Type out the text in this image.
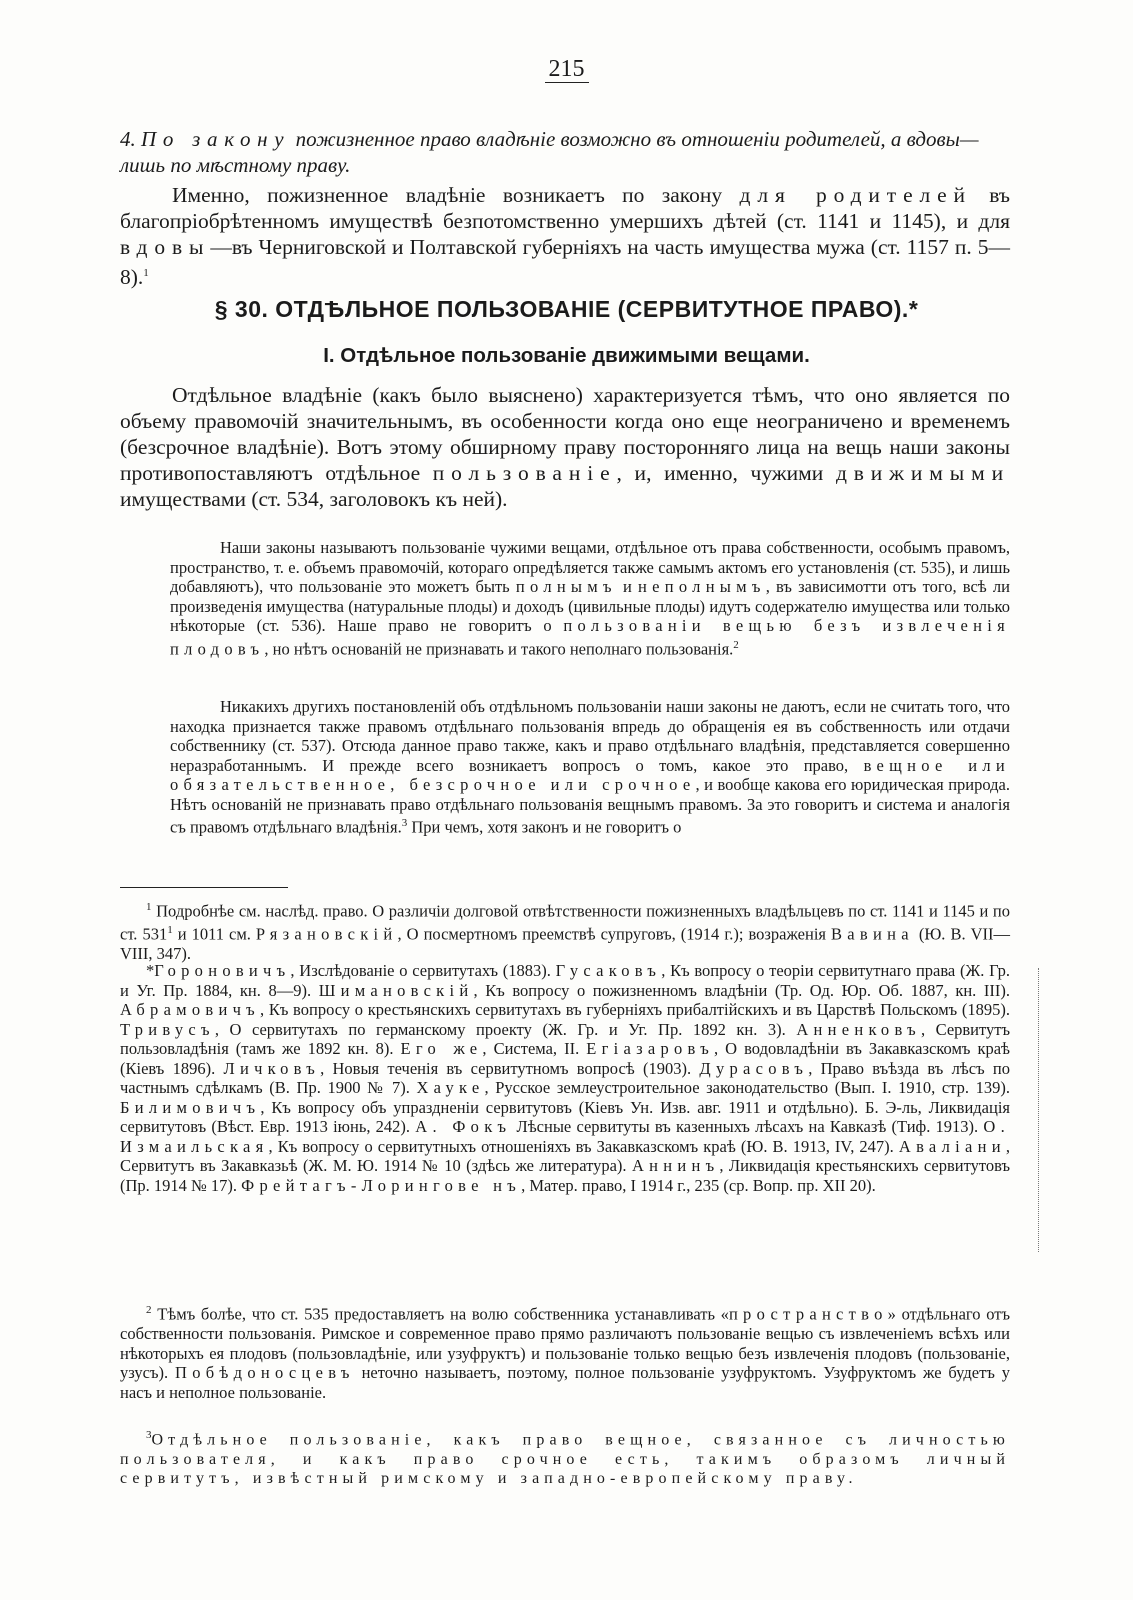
215
4. По закону пожизненное право владѣніе возможно въ отношеніи родителей, а вдовы—лишь по мѣстному праву.
Именно, пожизненное владѣніе возникаетъ по закону для родителей въ благопріобрѣтенномъ имуществѣ безпотомственно умершихъ дѣтей (ст. 1141 и 1145), и для вдовы—въ Черниговской и Полтавской губерніяхъ на часть имущества мужа (ст. 1157 п. 5—8).$^1$
§ 30. ОТДѢЛЬНОЕ ПОЛЬЗОВАНІЕ (СЕРВИТУТНОЕ ПРАВО).*
I. Отдѣльное пользованіе движимыми вещами.
Отдѣльное владѣніе (какъ было выяснено) характеризуется тѣмъ, что оно является по объему правомочій значительнымъ, въ особенности когда оно еще неограничено и временемъ (безсрочное владѣніе). Вотъ этому обширному праву посторонняго лица на вещь наши законы противопоставляютъ отдѣльное пользованіе, и, именно, чужими движимыми имуществами (ст. 534, заголовокъ къ ней).
Наши законы называютъ пользованіе чужими вещами, отдѣльное отъ права собственности, особымъ правомъ, пространство, т. е. объемъ правомочій, котораго опредѣляется также самымъ актомъ его установленія (ст. 535), и лишь добавляютъ), что пользованіе это можетъ быть полнымъ и неполнымъ, въ зависимотти отъ того, всѣ ли произведенія имущества (натуральные плоды) и доходъ (цивильные плоды) идутъ содержателю имущества или только нѣкоторые (ст. 536). Наше право не говоритъ о пользованіи вещью безъ извлеченія плодовъ, но нѣтъ основаній не признавать и такого неполнаго пользованія.$^2$
Никакихъ другихъ постановленій объ отдѣльномъ пользованіи наши законы не даютъ, если не считать того, что находка признается также правомъ отдѣльнаго пользованія впредь до обращенія ея въ собственность или отдачи собственнику (ст. 537). Отсюда данное право также, какъ и право отдѣльнаго владѣнія, представляется совершенно неразработаннымъ. И прежде всего возникаетъ вопросъ о томъ, какое это право, вещное или обязательственное, безсрочное или срочное, и вообще какова его юридическая природа. Нѣтъ основаній не признавать право отдѣльнаго пользованія вещнымъ правомъ. За это говоритъ и система и аналогія съ правомъ отдѣльнаго владѣнія.$^3$ При чемъ, хотя законъ и не говоритъ о
$^1$ Подробнѣе см. наслѣд. право. О различіи долговой отвѣтственности пожизненныхъ владѣльцевъ по ст. 1141 и 1145 и по ст. $531^1$ и 1011 см. Рязановскій, О посмертномъ преемствѣ супруговъ, (1914 г.); возраженія Вавина (Ю. В. VII—VIII, 347).
*Гороновичъ, Изслѣдованіе о сервитутахъ (1883). Гусаковъ, Къ вопросу о теоріи сервитутнаго права (Ж. Гр. и Уг. Пр. 1884, кн. 8—9). Шимановскій, Къ вопросу о пожизненномъ владѣніи (Тр. Од. Юр. Об. 1887, кн. III). Абрамовичъ, Къ вопросу о крестьянскихъ сервитутахъ въ губерніяхъ прибалтійскихъ и въ Царствѣ Польскомъ (1895). Тривусъ, О сервитутахъ по германскому проекту (Ж. Гр. и Уг. Пр. 1892 кн. 3). Анненковъ, Сервитутъ пользовладѣнія (тамъ же 1892 кн. 8). Его же, Система, II. Егіазаровъ, О водовладѣніи въ Закавказскомъ краѣ (Кіевъ 1896). Личковъ, Новыя теченія въ сервитутномъ вопросѣ (1903). Дурасовъ, Право въѣзда въ лѣсъ по частнымъ сдѣлкамъ (В. Пр. 1900 № 7). Хауке, Русское землеустроительное законодательство (Вып. I. 1910, стр. 139). Билимовичъ, Къ вопросу объ упраздненіи сервитутовъ (Кіевъ Ун. Изв. авг. 1911 и отдѣльно). Б. Э-ль, Ликвидація сервитутовъ (Вѣст. Евр. 1913 іюнь, 242). А. Фокъ Лѣсные сервитуты въ казенныхъ лѣсахъ на Кавказѣ (Тиф. 1913). О. Измаильская, Къ вопросу о сервитутныхъ отношеніяхъ въ Закавказскомъ краѣ (Ю. В. 1913, IV, 247). Аваліани, Сервитутъ въ Закавказьѣ (Ж. М. Ю. 1914 № 10 (здѣсь же литература). Аннинъ, Ликвидація крестьянскихъ сервитутовъ (Пр. 1914 № 17). Фрейтагъ-Лорингове нъ, Матер. право, I 1914 г., 235 (ср. Вопр. пр. XII 20).
$^2$ Тѣмъ болѣе, что ст. 535 предоставляетъ на волю собственника устанавливать «пространство» отдѣльнаго отъ собственности пользованія. Римское и современное право прямо различаютъ пользованіе вещью съ извлеченіемъ всѣхъ или нѣкоторыхъ ея плодовъ (пользовладѣніе, или узуфруктъ) и пользованіе только вещью безъ извлеченія плодовъ (пользованіе, узусъ). Побѣдоносцевъ неточно называетъ, поэтому, полное пользованіе узуфруктомъ. Узуфруктомъ же будетъ у насъ и неполное пользованіе.
$^3$Отдѣльное пользованіе, какъ право вещное, связанное съ личностью пользователя, и какъ право срочное есть, такимъ образомъ личный сервитутъ, извѣстный римскому и западно-европейскому праву.
